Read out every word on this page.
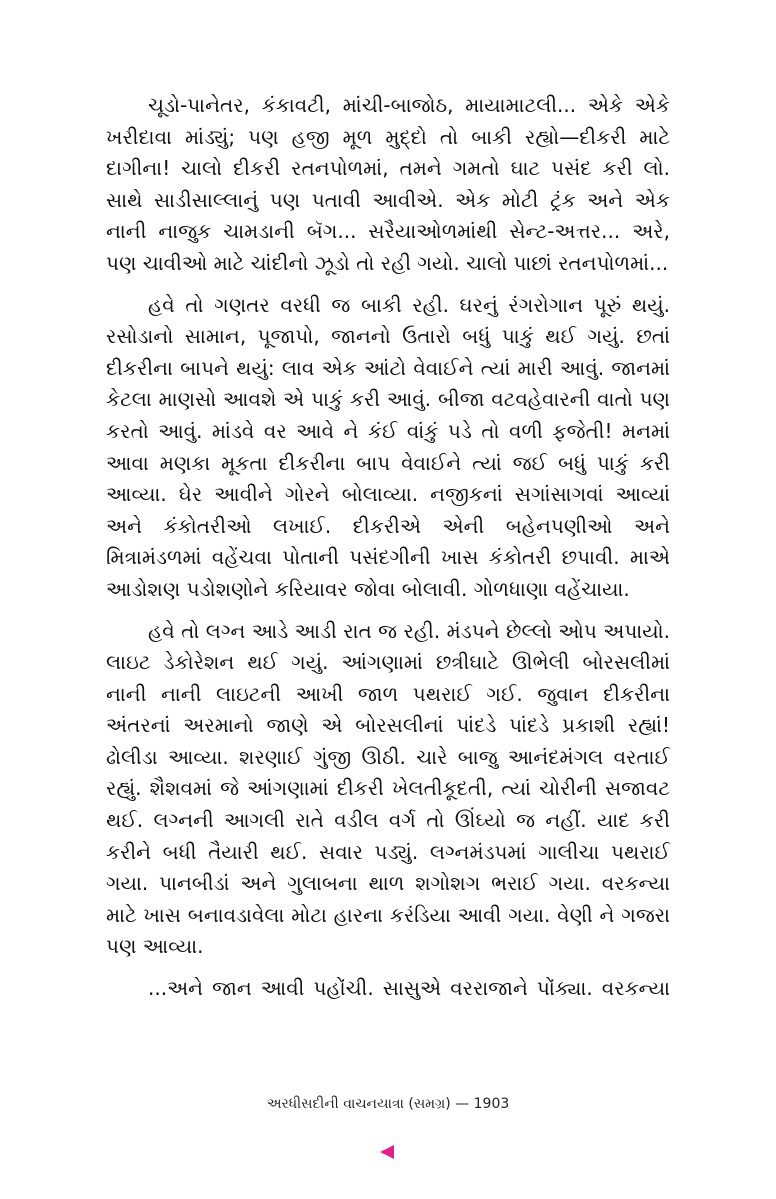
ચૂડો-પાનેતર, કંકાવટી, માંચી-બાજોઠ, માયામાટલી... એકે એકે ખરીદાવા માંડ્યું; પણ હજી મૂળ મુદ્દો તો બાકી રહ્યો—દીકરી માટે દાગીના! ચાલો દીકરી રતનપોળમાં, તમને ગમતો ઘાટ પસંદ કરી લો. સાથે સાડીસાલ્લાનું પણ પતાવી આવીએ. એક મોટી ટ્રંક અને એક નાની નાજુક ચામડાની બૅગ... સરૈયાઓળમાંથી સેન્ટ-અત્તર... અરે, પણ ચાવીઓ માટે ચાંદીનો ઝૂડો તો રહી ગયો. ચાલો પાછાં રતનપોળમાં...

હવે તો ગણતર વરધી જ બાકી રહી. ઘરનું રંગરોગાન પૂરું થયું. રસોડાનો સામાન, પૂજાપો, જાનનો ઉતારો બધું પાકું થઈ ગયું. છતાં દીકરીના બાપને થયું: લાવ એક આંટો વેવાઈને ત્યાં મારી આવું. જાનમાં કેટલા માણસો આવશે એ પાકું કરી આવું. બીજા વટવહેવારની વાતો પણ કરતો આવું. માંડવે વર આવે ને કંઈ વાંકું પડે તો વળી ફજેતી! મનમાં આવા મણકા મૂકતા દીકરીના બાપ વેવાઈને ત્યાં જઈ બધું પાકું કરી આવ્યા. ઘેર આવીને ગોરને બોલાવ્યા. નજીકનાં સગાંસાગવાં આવ્યાં અને કંકોતરીઓ લખાઈ. દીકરીએ એની બહેનપણીઓ અને મિત્રામંડળમાં વહેંચવા પોતાની પસંદગીની ખાસ કંકોતરી છપાવી. માએ આડોશણ પડોશણોને કરિયાવર જોવા બોલાવી. ગોળધાણા વહેંચાયા.

હવે તો લગ્ન આડે આડી રાત જ રહી. મંડપને છેલ્લો ઓપ અપાયો. લાઇટ ડેકોરેશન થઈ ગયું. આંગણામાં છત્રીઘાટે ઊભેલી બોરસલીમાં નાની નાની લાઇટની આખી જાળ પથરાઈ ગઈ. જુવાન દીકરીના અંતરનાં અરમાનો જાણે એ બોરસલીનાં પાંદડે પાંદડે પ્રકાશી રહ્યાં! ઢોલીડા આવ્યા. શરણાઈ ગુંજી ઊઠી. ચારે બાજુ આનંદમંગલ વરતાઈ રહ્યું. શૈશવમાં જે આંગણામાં દીકરી ખેલતીકૂદતી, ત્યાં ચોરીની સજાવટ થઈ. લગ્નની આગલી રાતે વડીલ વર્ગ તો ઊંઘ્યો જ નહીં. યાદ કરી કરીને બધી તૈયારી થઈ. સવાર પડ્યું. લગ્નમંડપમાં ગાલીચા પથરાઈ ગયા. પાનબીડાં અને ગુલાબના થાળ શગોશગ ભરાઈ ગયા. વરકન્યા માટે ખાસ બનાવડાવેલા મોટા હારના કરંડિયા આવી ગયા. વેણી ને ગજરા પણ આવ્યા.

...અને જાન આવી પહોંચી. સાસુએ વરરાજાને પોંક્યા. વરકન્યા

અરધીસદીની વાચનયાત્રા (સમગ્ર) — 1903
